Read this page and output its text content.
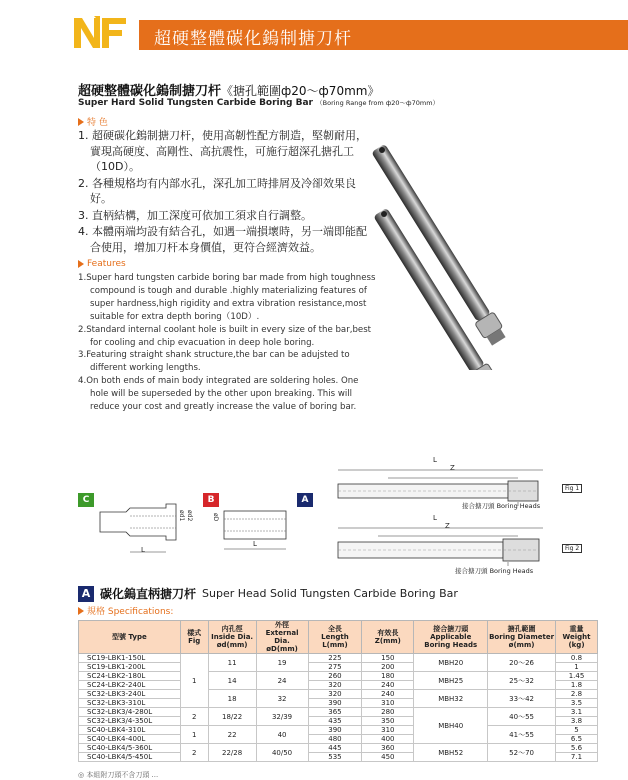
超硬整體碳化鎢制搪刀杆
超硬整體碳化鎢制搪刀杆《搪孔範圍ф20～ф70mm》
Super Hard Solid Tungsten Carbide Boring Bar （Boring Range from ф20～ф70mm）
特 色
1. 超硬碳化鎢制搪刀杆，使用高韌性配方制造，堅韌耐用，實現高硬度、高剛性、高抗震性，可施行超深孔搪孔工（10D）。
2. 各種規格均有内部水孔，深孔加工時排屑及冷卻效果良好。
3. 直柄結構，加工深度可依加工須求自行調整。
4. 本體兩端均設有結合孔，如遇一端損壞時，另一端即能配合使用，增加刀杆本身價值，更符合經濟效益。
Features
1.Super hard tungsten carbide boring bar made from high toughness compound is tough and durable .highly materializing features of super hardness,high rigidity and extra vibration resistance,most suitable for extra depth boring（10D）.
2.Standard internal coolant hole is built in every size of the bar,best for cooling and chip evacuation in deep hole boring.
3.Featuring straight shank structure,the bar can be adujsted to different working lengths.
4.On both ends of main body integrated are soldering holes. One hole will be superseded by the other upon breaking. This will reduce your cost and greatly increase the value of boring bar.
C	B	A
L
ød1 ød2
L
øD
L
Z
Fig 1
接合搪刀頭 Boring Heads
L
Z
Fig 2
接合搪刀頭 Boring Heads
A 碳化鎢直柄搪刀杆 Super Head Solid Tungsten Carbide Boring Bar
規格 Specifications:
型號 Type	樣式
Fig	内孔徑
Inside Dia.
ød(mm)	外徑
External Dia.
øD(mm)	全長
Length
L(mm)	有效長
Z(mm)	接合搪刀頭
Applicable
Boring Heads	搪孔範圍
Boring Diameter
ø(mm)	重量
Weight
(kg)
SC19-LBK1-150L	1	11	19	225	150	MBH20	20～26	0.8
SC19-LBK1-200L				275	200			1
SC24-LBK2-180L		14	24	260	180	MBH25	25～32	1.45
SC24-LBK2-240L				320	240			1.8
SC32-LBK3-240L		18	32	320	240	MBH32	33～42	2.8
SC32-LBK3-310L				390	310			3.5
SC32-LBK3/4-280L	2	18/22	32/39	365	280	MBH40	40～55	3.1
SC32-LBK3/4-350L				435	350			3.8
SC40-LBK4-310L	1	22	40	390	310		41～55	5
SC40-LBK4-400L				480	400			6.5
SC40-LBK4/5-360L	2	22/28	40/50	445	360	MBH52	52～70	5.6
SC40-LBK4/5-450L				535	450			7.1
◎ 本組附刀頭不含刀頭 ...
